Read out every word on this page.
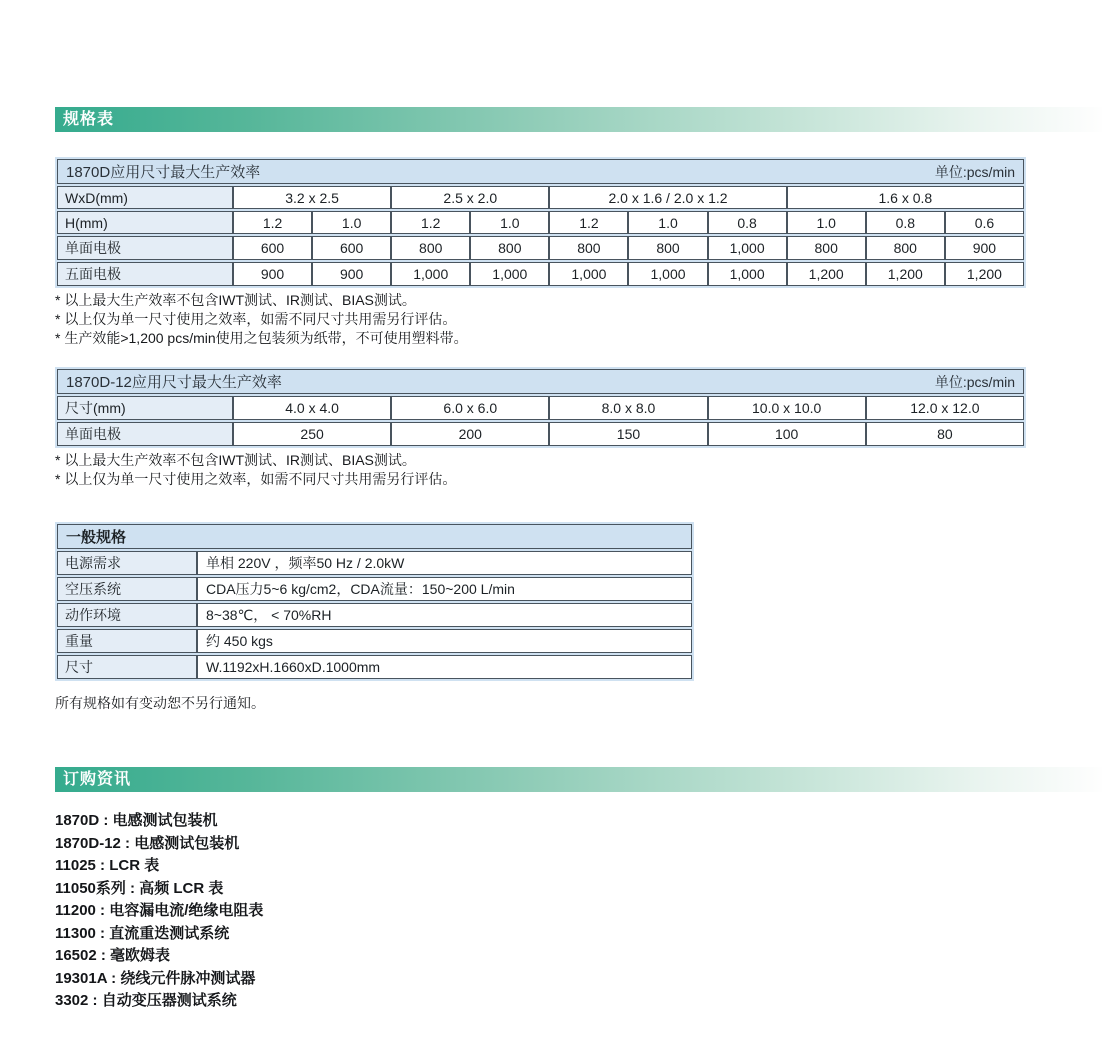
规格表
1870D应用尺寸最大生产效率 单位:pcs/min										

WxD(mm)	3.2 x 2.5		2.5 x 2.0		2.0 x 1.6 / 2.0 x 1.2			1.6 x 0.8		
H(mm)	1.2	1.0	1.2	1.0	1.2	1.0	0.8	1.0	0.8	0.6
单面电极	600	600	800	800	800	800	1,000	800	800	900
五面电极	900	900	1,000	1,000	1,000	1,000	1,000	1,200	1,200	1,200
* 以上最大生产效率不包含IWT测试、IR测试、BIAS测试。
* 以上仅为单一尺寸使用之效率，如需不同尺寸共用需另行评估。
* 生产效能>1,200 pcs/min使用之包装须为纸带，不可使用塑料带。
1870D-12应用尺寸最大生产效率 单位:pcs/min					

尺寸(mm)	4.0 x 4.0	6.0 x 6.0	8.0 x 8.0	10.0 x 10.0	12.0 x 12.0
单面电极	250	200	150	100	80
* 以上最大生产效率不包含IWT测试、IR测试、BIAS测试。
* 以上仅为单一尺寸使用之效率，如需不同尺寸共用需另行评估。
一般规格	
电源需求	单相 220V ，频率50 Hz / 2.0kW
空压系统	CDA压力5~6 kg/cm2，CDA流量：150~200 L/min
动作环境	8~38℃， < 70%RH
重量	约 450 kgs
尺寸	W.1192xH.1660xD.1000mm
所有规格如有变动恕不另行通知。
订购资讯
1870D : 电感测试包装机
1870D-12 : 电感测试包装机
11025 : LCR 表
11050系列 : 高频 LCR 表
11200 : 电容漏电流/绝缘电阻表
11300 : 直流重迭测试系统
16502 : 毫欧姆表
19301A : 绕线元件脉冲测试器
3302 : 自动变压器测试系统
